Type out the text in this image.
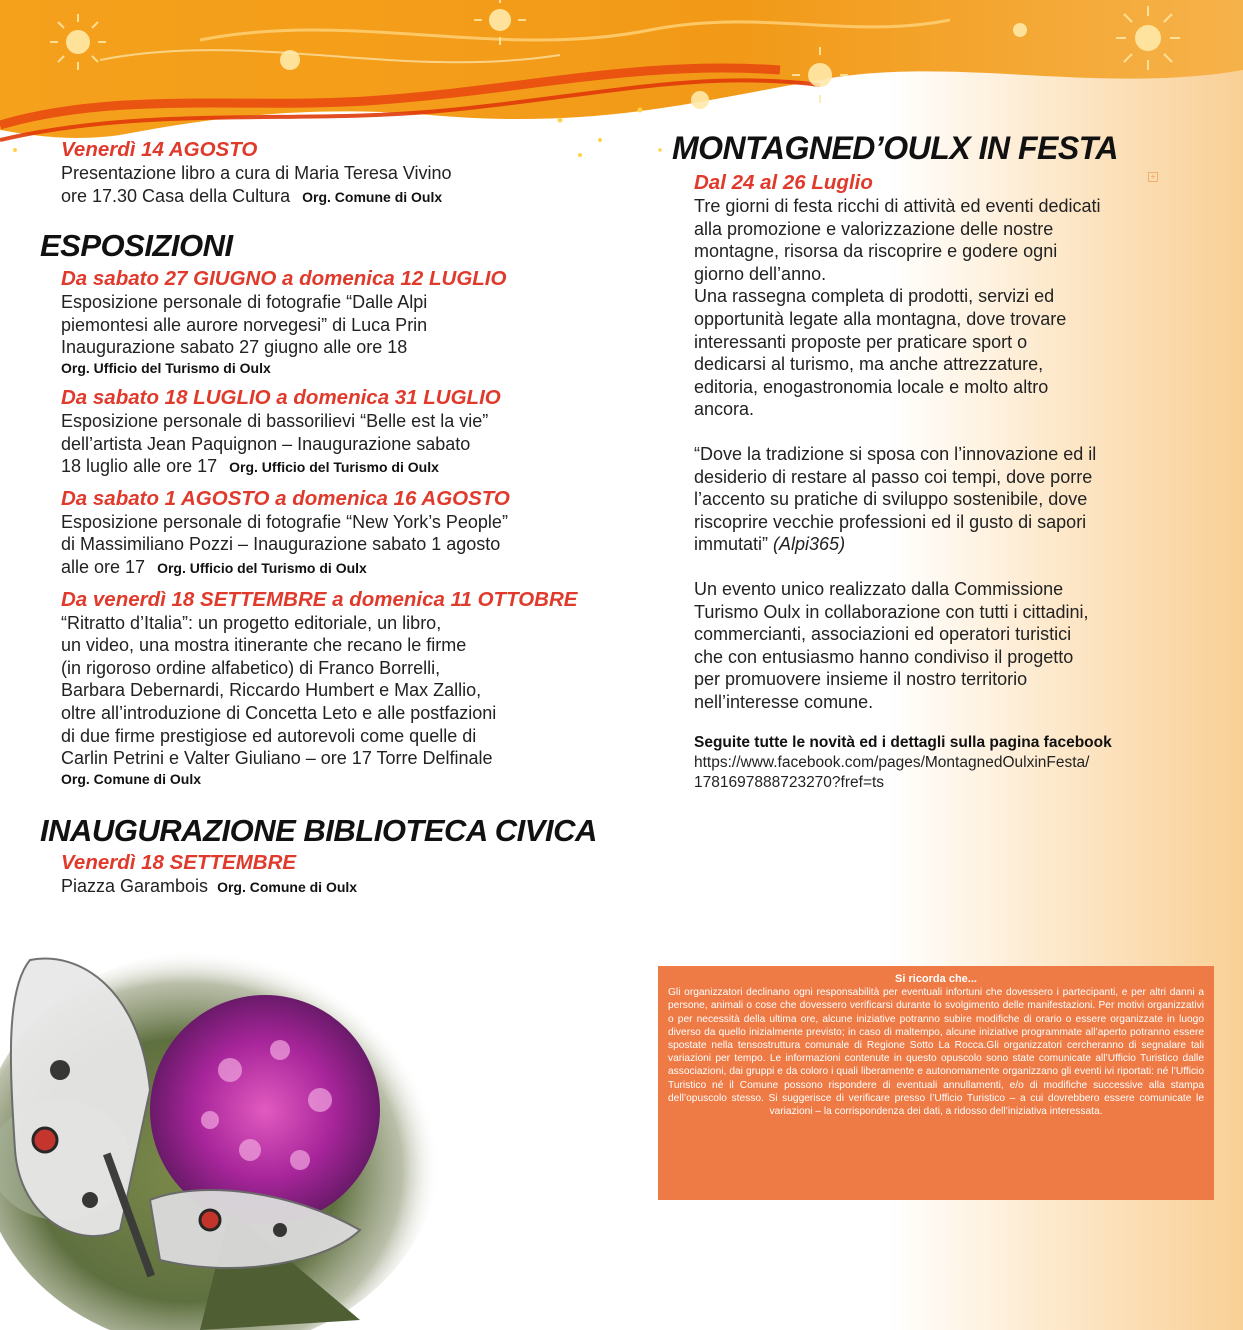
+

Venerdì 14 AGOSTO

Presentazione libro a cura di Maria Teresa Vivino

ore 17.30 Casa della Cultura Org. Comune di Oulx

ESPOSIZIONI

Da sabato 27 GIUGNO a domenica 12 LUGLIO

Esposizione personale di fotografie “Dalle Alpi

piemontesi alle aurore norvegesi” di Luca Prin

Inaugurazione sabato 27 giugno alle ore 18

Org. Ufficio del Turismo di Oulx

Da sabato 18 LUGLIO a domenica 31 LUGLIO

Esposizione personale di bassorilievi “Belle est la vie”

dell’artista Jean Paquignon – Inaugurazione sabato

18 luglio alle ore 17 Org. Ufficio del Turismo di Oulx

Da sabato 1 AGOSTO a domenica 16 AGOSTO

Esposizione personale di fotografie “New York’s People”

di Massimiliano Pozzi – Inaugurazione sabato 1 agosto

alle ore 17 Org. Ufficio del Turismo di Oulx

Da venerdì 18 SETTEMBRE a domenica 11 OTTOBRE

“Ritratto d’Italia”: un progetto editoriale, un libro,

un video, una mostra itinerante che recano le firme

(in rigoroso ordine alfabetico) di Franco Borrelli,

Barbara Debernardi, Riccardo Humbert e Max Zallio,

oltre all’introduzione di Concetta Leto e alle postfazioni

di due firme prestigiose ed autorevoli come quelle di

Carlin Petrini e Valter Giuliano – ore 17 Torre Delfinale

Org. Comune di Oulx

INAUGURAZIONE BIBLIOTECA CIVICA

Venerdì 18 SETTEMBRE

Piazza Garambois Org. Comune di Oulx

MONTAGNED’OULX IN FESTA

Dal 24 al 26 Luglio

Tre giorni di festa ricchi di attività ed eventi dedicati

alla promozione e valorizzazione delle nostre

montagne, risorsa da riscoprire e godere ogni

giorno dell’anno.

Una rassegna completa di prodotti, servizi ed

opportunità legate alla montagna, dove trovare

interessanti proposte per praticare sport o

dedicarsi al turismo, ma anche attrezzature,

editoria, enogastronomia locale e molto altro

ancora.

“Dove la tradizione si sposa con l’innovazione ed il

desiderio di restare al passo coi tempi, dove porre

l’accento su pratiche di sviluppo sostenibile, dove

riscoprire vecchie professioni ed il gusto di sapori

immutati” (Alpi365)

Un evento unico realizzato dalla Commissione

Turismo Oulx in collaborazione con tutti i cittadini,

commercianti, associazioni ed operatori turistici

che con entusiasmo hanno condiviso il progetto

per promuovere insieme il nostro territorio

nell’interesse comune.

Seguite tutte le novità ed i dettagli sulla pagina facebook

https://www.facebook.com/pages/MontagnedOulxinFesta/

1781697888723270?fref=ts

Si ricorda che...
Gli organizzatori declinano ogni responsabilità per eventuali infortuni che dovessero i partecipanti, e per altri danni a persone, animali o cose che dovessero verificarsi durante lo svolgimento delle manifestazioni. Per motivi organizzativi o per necessità della ultima ore, alcune iniziative potranno subire modifiche di orario o essere organizzate in luogo diverso da quello inizialmente previsto; in caso di maltempo, alcune iniziative programmate all’aperto potranno essere spostate nella tensostruttura comunale di Regione Sotto La Rocca.Gli organizzatori cercheranno di segnalare tali variazioni per tempo. Le informazioni contenute in questo opuscolo sono state comunicate all’Ufficio Turistico dalle associazioni, dai gruppi e da coloro i quali liberamente e autonomamente organizzano gli eventi ivi riportati: né l’Ufficio Turistico né il Comune possono rispondere di eventuali annullamenti, e/o di modifiche successive alla stampa dell’opuscolo stesso. Si suggerisce di verificare presso l’Ufficio Turistico – a cui dovrebbero essere comunicate le variazioni – la corrispondenza dei dati, a ridosso dell’iniziativa interessata.
